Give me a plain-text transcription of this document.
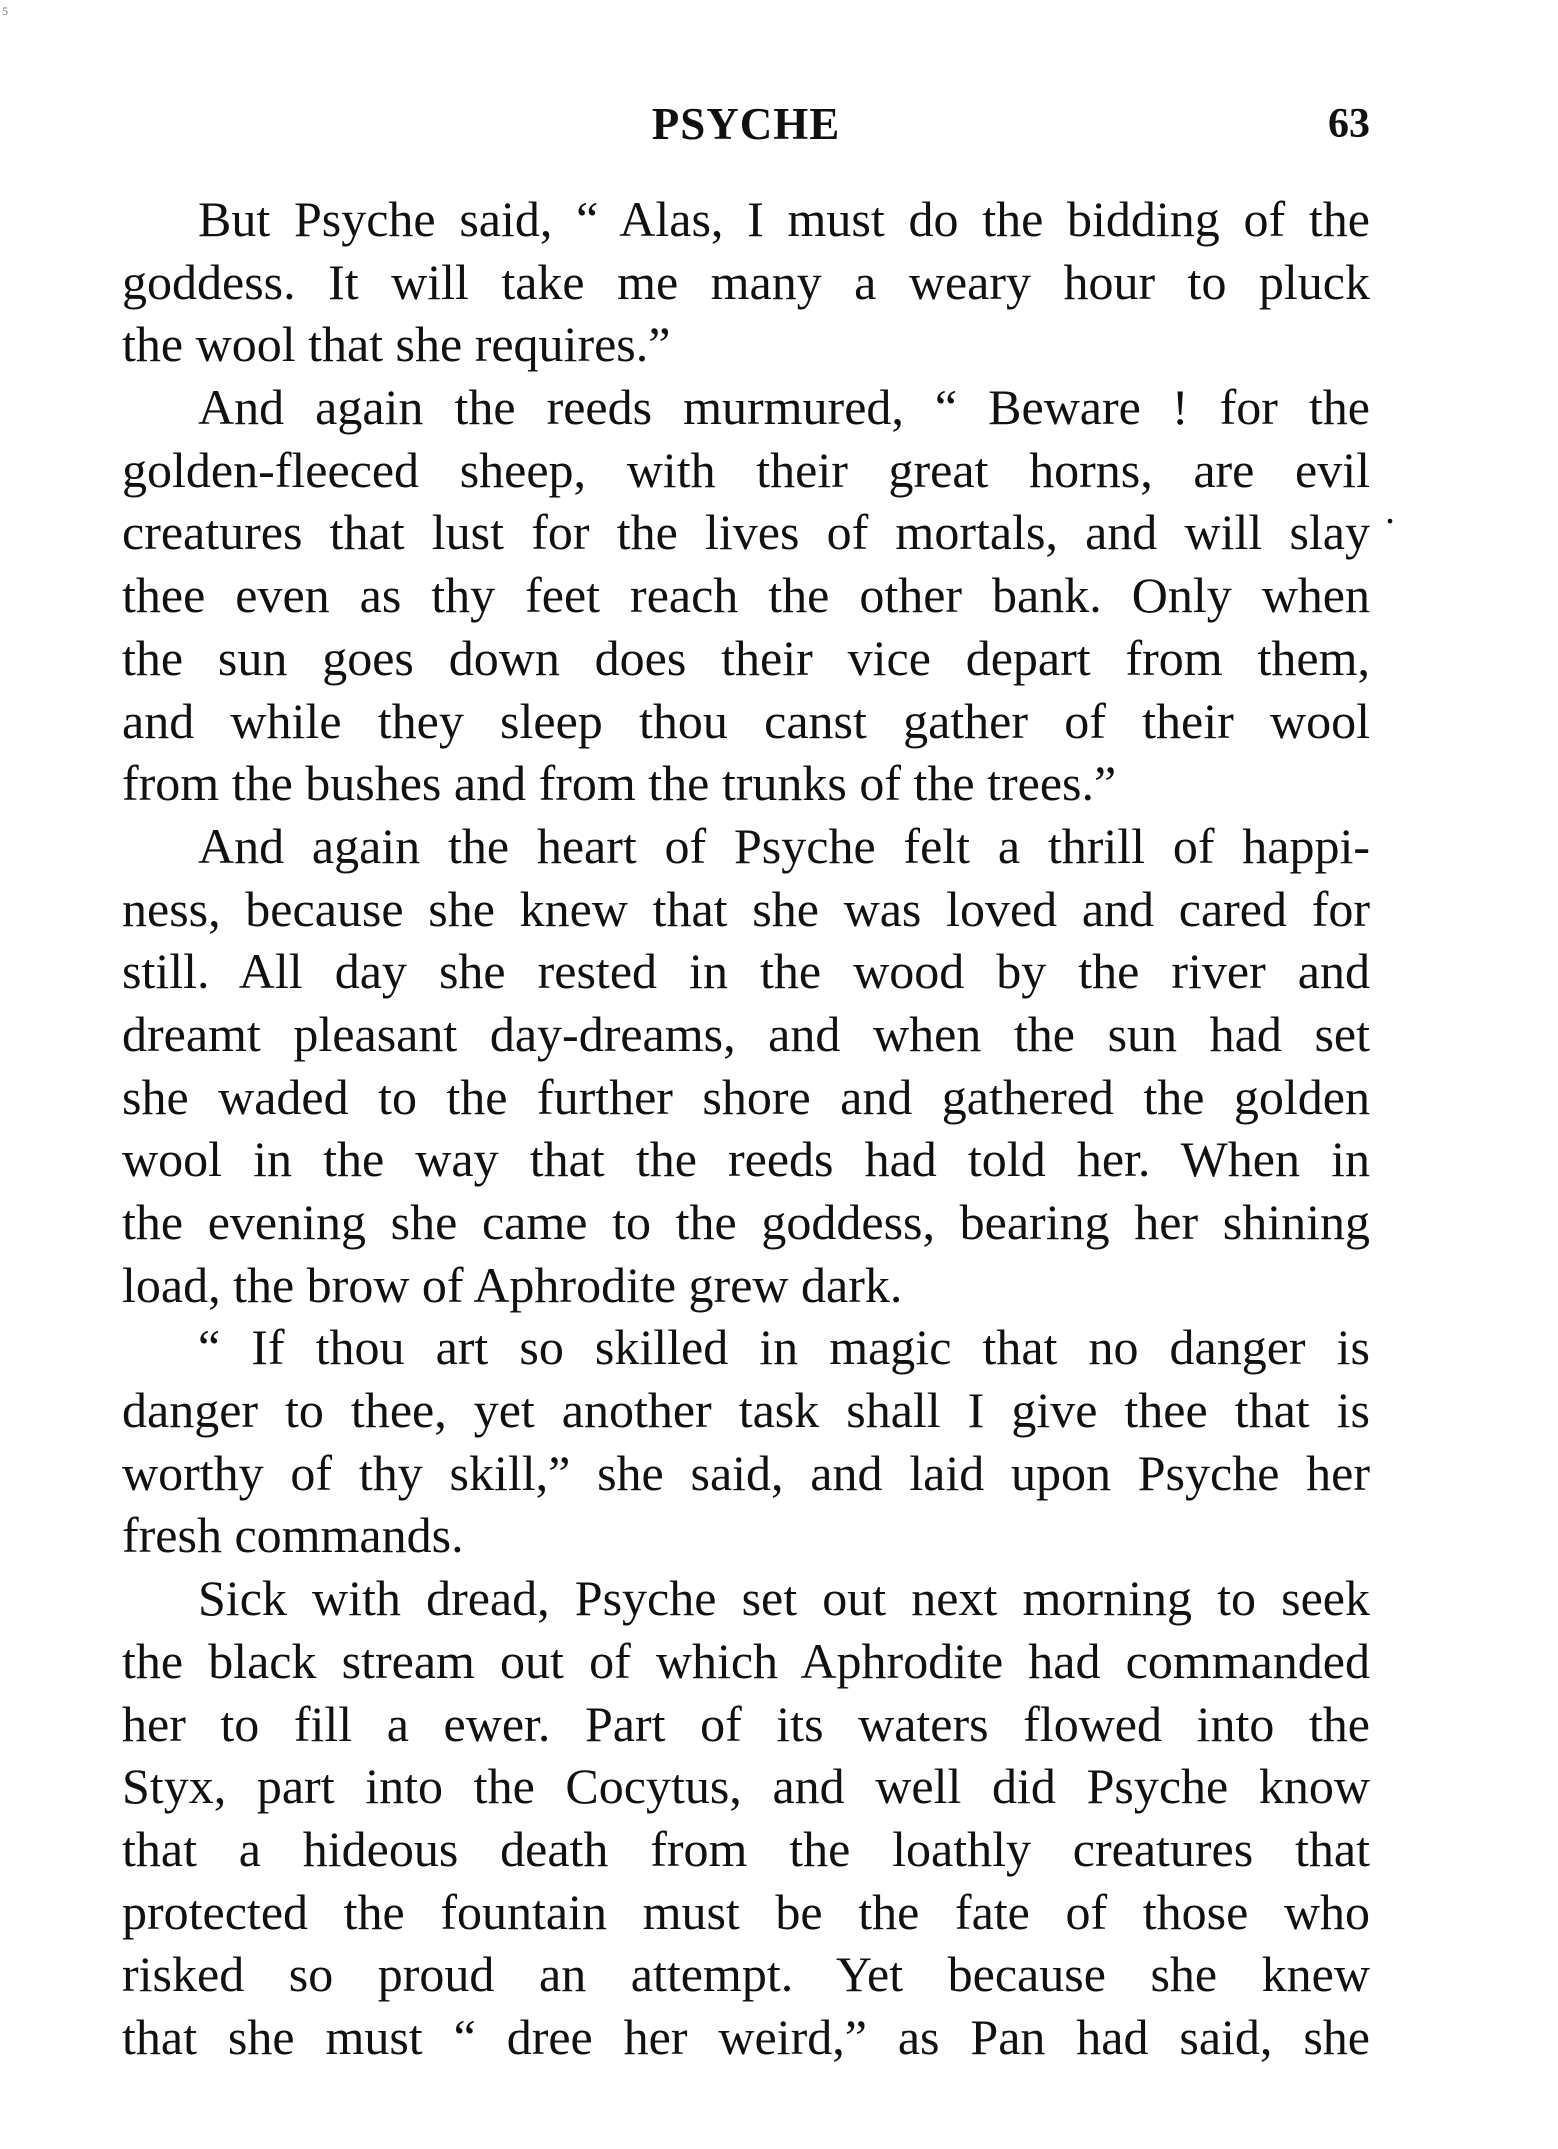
5
PSYCHE	63
.
But Psyche said, “ Alas, I must do the bidding of the
goddess. It will take me many a weary hour to pluck
the wool that she requires.”
And again the reeds murmured, “ Beware ! for the
golden-fleeced sheep, with their great horns, are evil
creatures that lust for the lives of mortals, and will slay
thee even as thy feet reach the other bank. Only when
the sun goes down does their vice depart from them,
and while they sleep thou canst gather of their wool
from the bushes and from the trunks of the trees.”
And again the heart of Psyche felt a thrill of happi-
ness, because she knew that she was loved and cared for
still. All day she rested in the wood by the river and
dreamt pleasant day-dreams, and when the sun had set
she waded to the further shore and gathered the golden
wool in the way that the reeds had told her. When in
the evening she came to the goddess, bearing her shining
load, the brow of Aphrodite grew dark.
“ If thou art so skilled in magic that no danger is
danger to thee, yet another task shall I give thee that is
worthy of thy skill,” she said, and laid upon Psyche her
fresh commands.
Sick with dread, Psyche set out next morning to seek
the black stream out of which Aphrodite had commanded
her to fill a ewer. Part of its waters flowed into the
Styx, part into the Cocytus, and well did Psyche know
that a hideous death from the loathly creatures that
protected the fountain must be the fate of those who
risked so proud an attempt. Yet because she knew
that she must “ dree her weird,” as Pan had said, she
